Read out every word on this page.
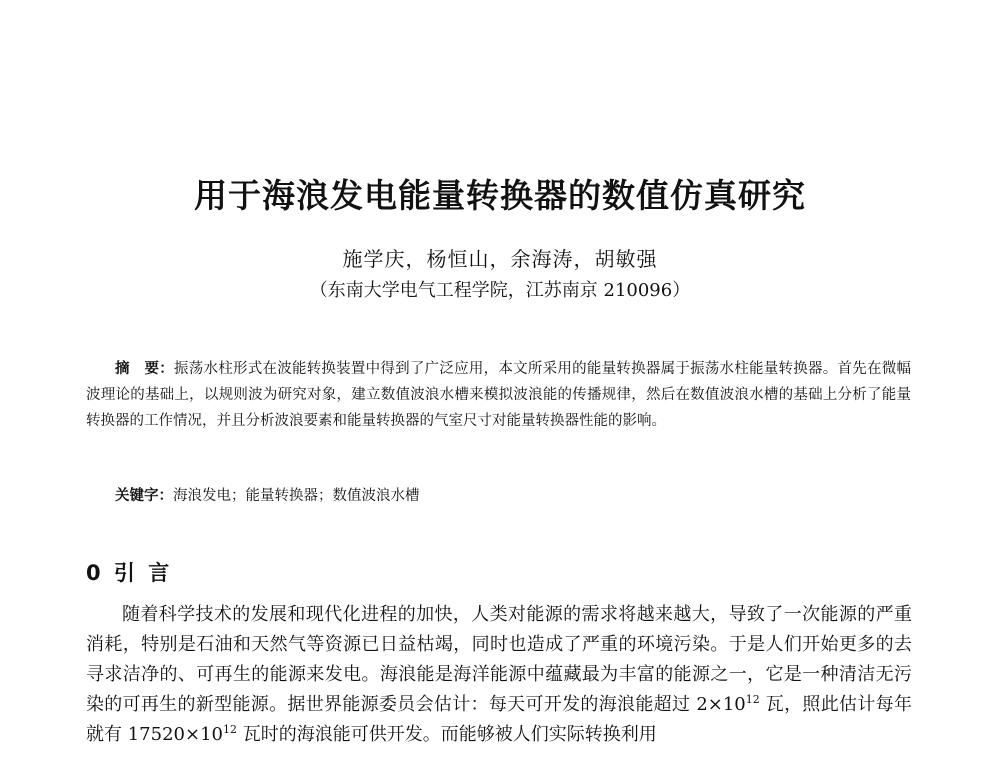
用于海浪发电能量转换器的数值仿真研究
施学庆，杨恒山，余海涛，胡敏强
（东南大学电气工程学院，江苏南京 210096）

摘　要：振荡水柱形式在波能转换装置中得到了广泛应用，本文所采用的能量转换器属于振荡水柱能量转换器。首先在微幅波理论的基础上，以规则波为研究对象，建立数值波浪水槽来模拟波浪能的传播规律，然后在数值波浪水槽的基础上分析了能量转换器的工作情况，并且分析波浪要素和能量转换器的气室尺寸对能量转换器性能的影响。

关键字：海浪发电；能量转换器；数值波浪水槽

0 引 言

随着科学技术的发展和现代化进程的加快，人类对能源的需求将越来越大，导致了一次能源的严重消耗，特别是石油和天然气等资源已日益枯竭，同时也造成了严重的环境污染。于是人们开始更多的去寻求洁净的、可再生的能源来发电。海浪能是海洋能源中蕴藏最为丰富的能源之一，它是一种清洁无污染的可再生的新型能源。据世界能源委员会估计：每天可开发的海浪能超过 $2\times 10^{12}$ 瓦，照此估计每年就有 $17520\times 10^{12}$ 瓦时的海浪能可供开发。而能够被人们实际转换利用
